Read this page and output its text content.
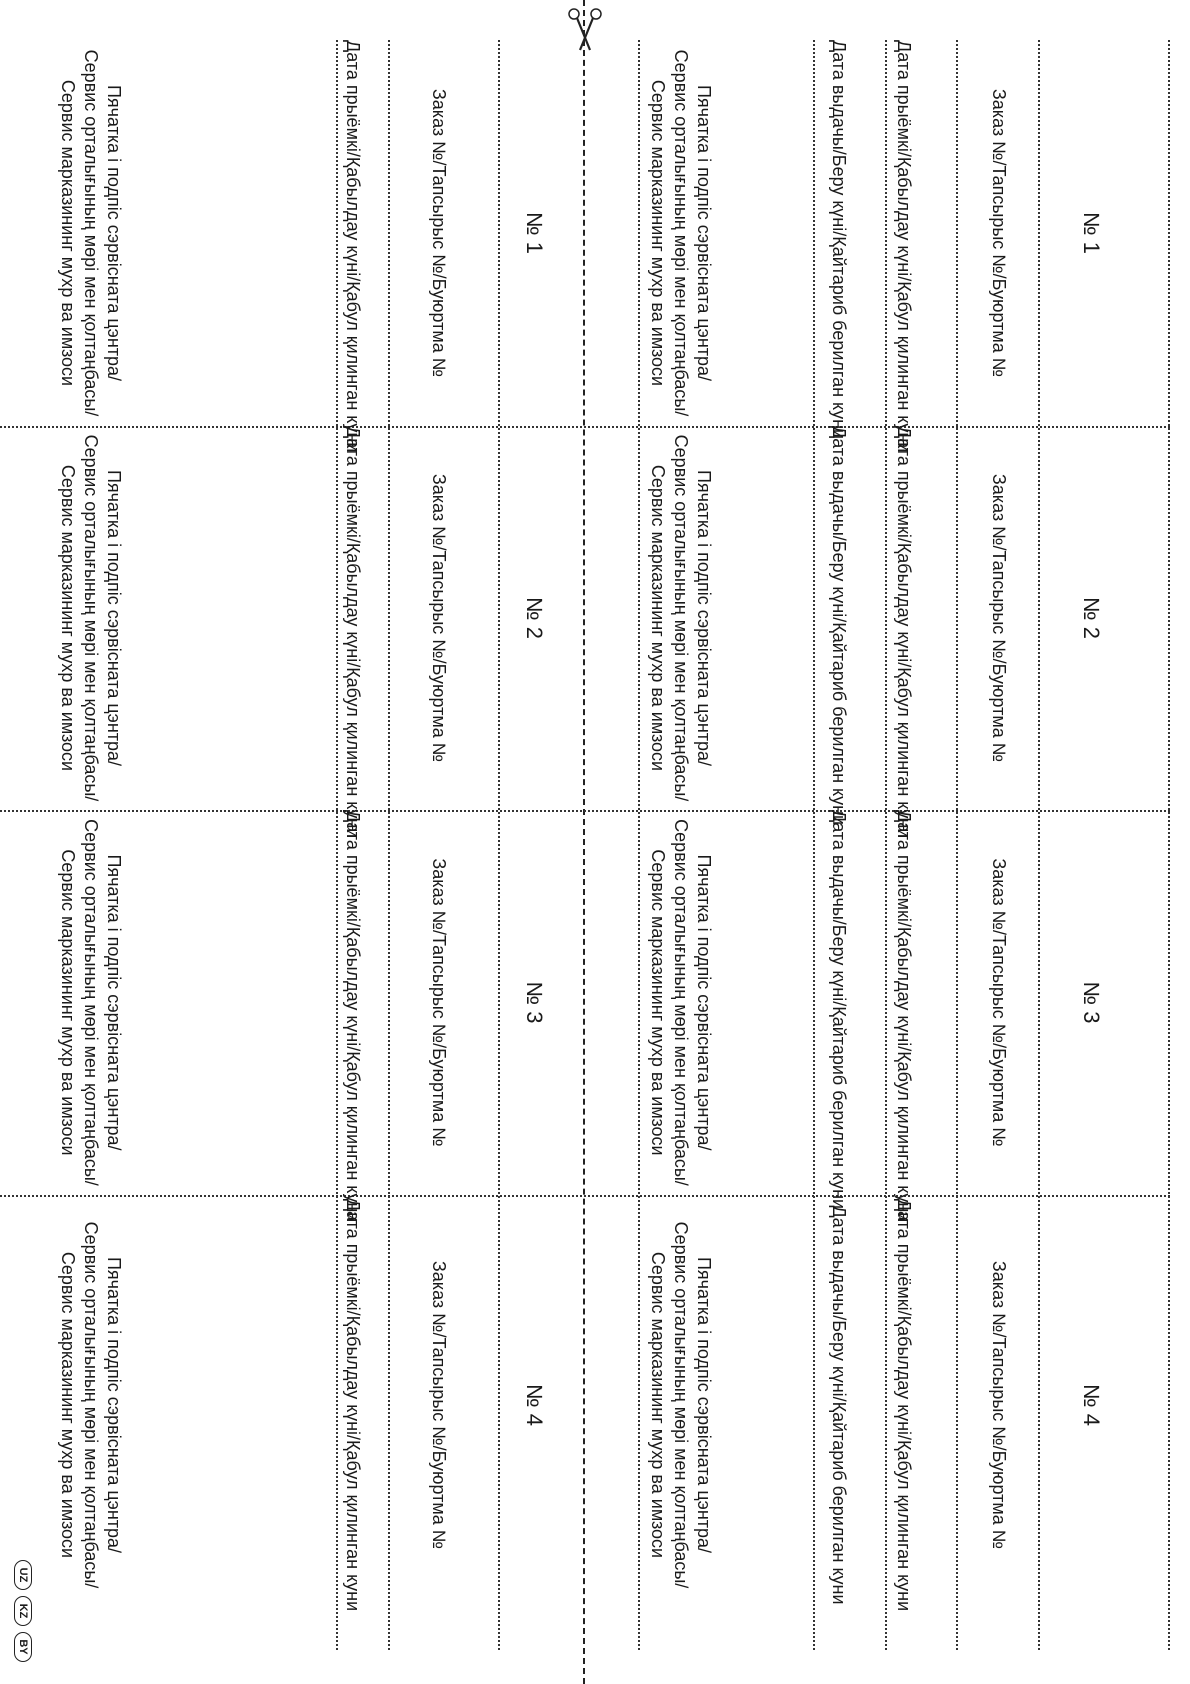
№ 1
Заказ №/Тапсырыс №/Буюртма №
Дата прыёмкі/Қабылдау күні/Қабул қилинган куни
Дата выдачы/Беру күні/Қайтариб берилган куни
Пячатка і подпіс сэрвісната цэнтра/
Сервис орталығының мөрі мен қолтаңбасы/
Сервис марказининг мухр ва имзоси
№ 1
Заказ №/Тапсырыс №/Буюртма №
Дата прыёмкі/Қабылдау күні/Қабул қилинган куни
Пячатка і подпіс сэрвісната цэнтра/
Сервис орталығының мөрі мен қолтаңбасы/
Сервис марказининг мухр ва имзоси
№ 2
Заказ №/Тапсырыс №/Буюртма №
Дата прыёмкі/Қабылдау күні/Қабул қилинган куни
Дата выдачы/Беру күні/Қайтариб берилган куни
Пячатка і подпіс сэрвісната цэнтра/
Сервис орталығының мөрі мен қолтаңбасы/
Сервис марказининг мухр ва имзоси
№ 2
Заказ №/Тапсырыс №/Буюртма №
Дата прыёмкі/Қабылдау күні/Қабул қилинган куни
Пячатка і подпіс сэрвісната цэнтра/
Сервис орталығының мөрі мен қолтаңбасы/
Сервис марказининг мухр ва имзоси
№ 3
Заказ №/Тапсырыс №/Буюртма №
Дата прыёмкі/Қабылдау күні/Қабул қилинган куни
Дата выдачы/Беру күні/Қайтариб берилган куни
Пячатка і подпіс сэрвісната цэнтра/
Сервис орталығының мөрі мен қолтаңбасы/
Сервис марказининг мухр ва имзоси
№ 3
Заказ №/Тапсырыс №/Буюртма №
Дата прыёмкі/Қабылдау күні/Қабул қилинган куни
Пячатка і подпіс сэрвісната цэнтра/
Сервис орталығының мөрі мен қолтаңбасы/
Сервис марказининг мухр ва имзоси
№ 4
Заказ №/Тапсырыс №/Буюртма №
Дата прыёмкі/Қабылдау күні/Қабул қилинган куни
Дата выдачы/Беру күні/Қайтариб берилган куни
Пячатка і подпіс сэрвісната цэнтра/
Сервис орталығының мөрі мен қолтаңбасы/
Сервис марказининг мухр ва имзоси
№ 4
Заказ №/Тапсырыс №/Буюртма №
Дата прыёмкі/Қабылдау күні/Қабул қилинган куни
Пячатка і подпіс сэрвісната цэнтра/
Сервис орталығының мөрі мен қолтаңбасы/
Сервис марказининг мухр ва имзоси
UZ
KZ
BY
